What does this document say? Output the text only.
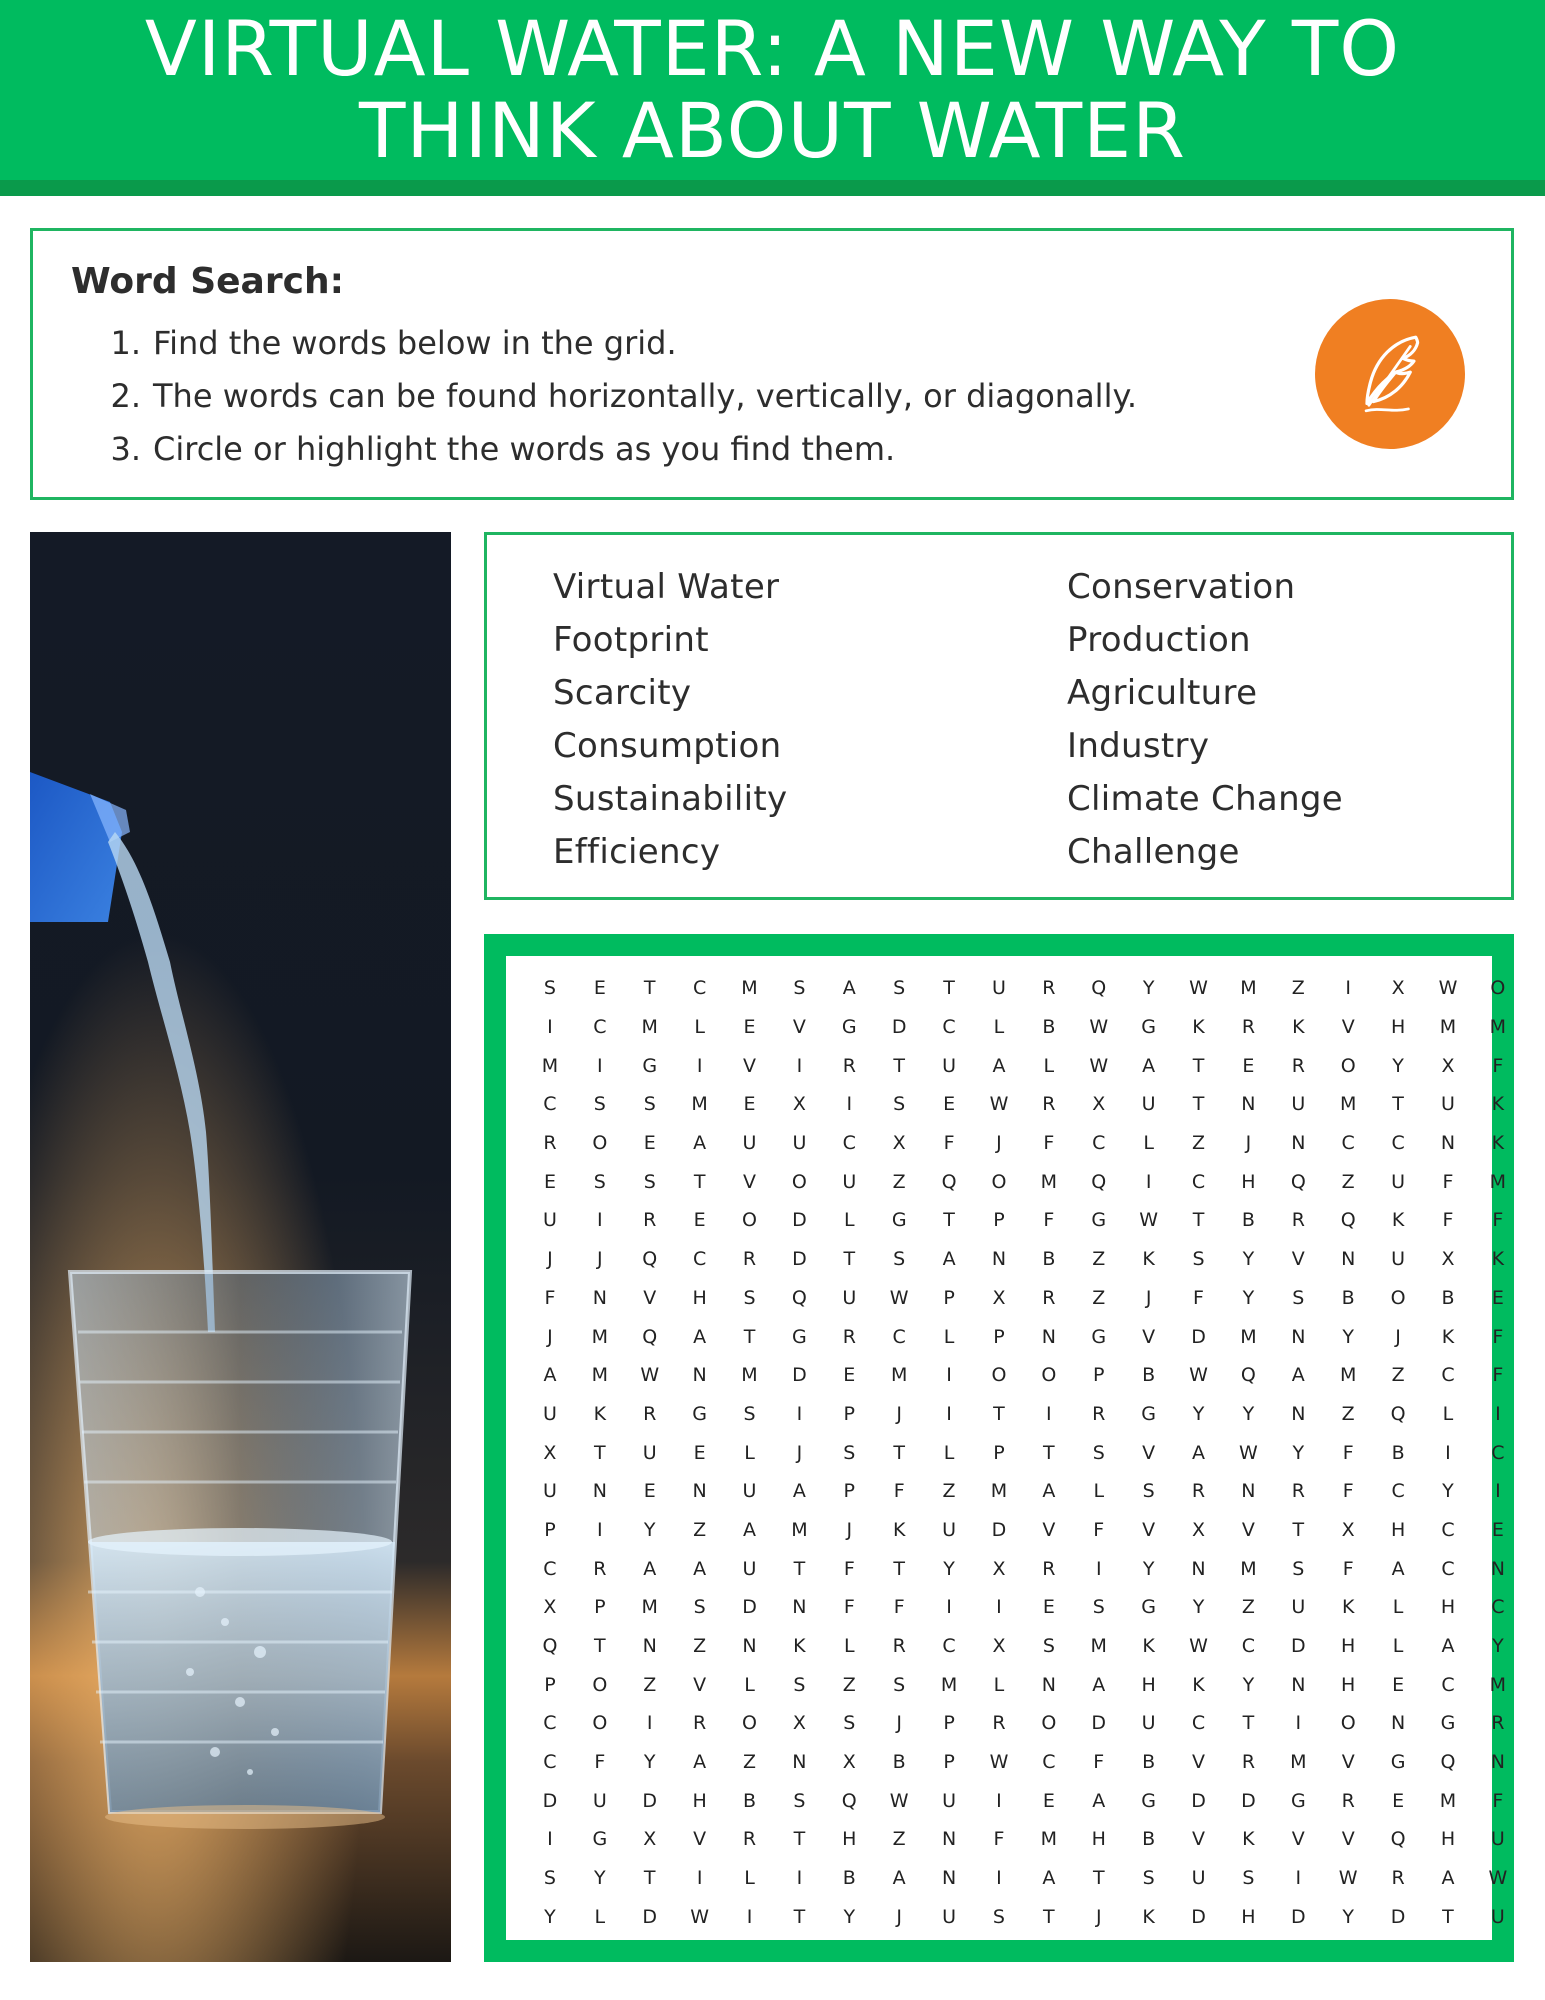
VIRTUAL WATER: A NEW WAY TO
THINK ABOUT WATER
Word Search:
1. Find the words below in the grid.
2. The words can be found horizontally, vertically, or diagonally.
3. Circle or highlight the words as you find them.
Virtual Water
Footprint
Scarcity
Consumption
Sustainability
Efficiency
Conservation
Production
Agriculture
Industry
Climate Change
Challenge
S	E	T	C	M	S	A	S	T	U	R	Q	Y	W	M	Z	I	X	W	O
I	C	M	L	E	V	G	D	C	L	B	W	G	K	R	K	V	H	M	M
M	I	G	I	V	I	R	T	U	A	L	W	A	T	E	R	O	Y	X	F
C	S	S	M	E	X	I	S	E	W	R	X	U	T	N	U	M	T	U	K
R	O	E	A	U	U	C	X	F	J	F	C	L	Z	J	N	C	C	N	K
E	S	S	T	V	O	U	Z	Q	O	M	Q	I	C	H	Q	Z	U	F	M
U	I	R	E	O	D	L	G	T	P	F	G	W	T	B	R	Q	K	F	F
J	J	Q	C	R	D	T	S	A	N	B	Z	K	S	Y	V	N	U	X	K
F	N	V	H	S	Q	U	W	P	X	R	Z	J	F	Y	S	B	O	B	E
J	M	Q	A	T	G	R	C	L	P	N	G	V	D	M	N	Y	J	K	F
A	M	W	N	M	D	E	M	I	O	O	P	B	W	Q	A	M	Z	C	F
U	K	R	G	S	I	P	J	I	T	I	R	G	Y	Y	N	Z	Q	L	I
X	T	U	E	L	J	S	T	L	P	T	S	V	A	W	Y	F	B	I	C
U	N	E	N	U	A	P	F	Z	M	A	L	S	R	N	R	F	C	Y	I
P	I	Y	Z	A	M	J	K	U	D	V	F	V	X	V	T	X	H	C	E
C	R	A	A	U	T	F	T	Y	X	R	I	Y	N	M	S	F	A	C	N
X	P	M	S	D	N	F	F	I	I	E	S	G	Y	Z	U	K	L	H	C
Q	T	N	Z	N	K	L	R	C	X	S	M	K	W	C	D	H	L	A	Y
P	O	Z	V	L	S	Z	S	M	L	N	A	H	K	Y	N	H	E	C	M
C	O	I	R	O	X	S	J	P	R	O	D	U	C	T	I	O	N	G	R
C	F	Y	A	Z	N	X	B	P	W	C	F	B	V	R	M	V	G	Q	N
D	U	D	H	B	S	Q	W	U	I	E	A	G	D	D	G	R	E	M	F
I	G	X	V	R	T	H	Z	N	F	M	H	B	V	K	V	V	Q	H	U
S	Y	T	I	L	I	B	A	N	I	A	T	S	U	S	I	W	R	A	W
Y	L	D	W	I	T	Y	J	U	S	T	J	K	D	H	D	Y	D	T	U
